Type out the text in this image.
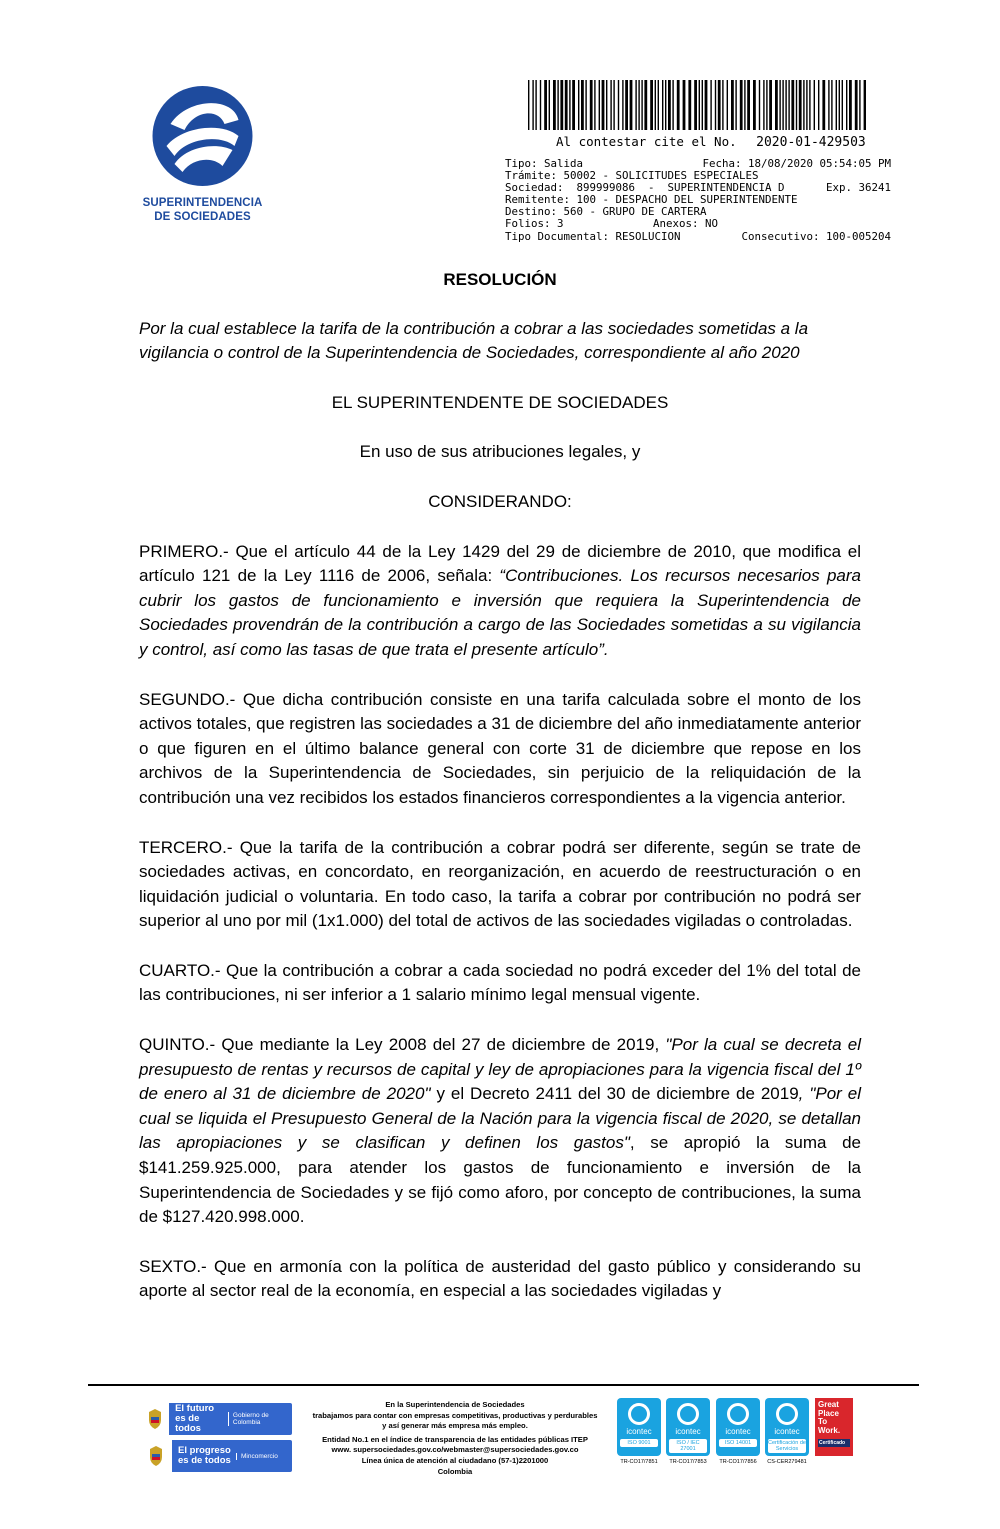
SUPERINTENDENCIA
DE SOCIEDADES
Al contestar cite el No. 2020-01-429503
Tipo: Salida	Fecha: 18/08/2020 05:54:05 PM
Trámite: 50002 - SOLICITUDES ESPECIALES
Sociedad:  899999086  -  SUPERINTENDENCIA D	Exp. 36241
Remitente: 100 - DESPACHO DEL SUPERINTENDENTE
Destino: 560 - GRUPO DE CARTERA
Folios: 3	Anexos: NO
Tipo Documental: RESOLUCION	Consecutivo: 100-005204
RESOLUCIÓN
Por la cual establece la tarifa de la contribución a cobrar a las sociedades sometidas a la vigilancia o control de la Superintendencia de Sociedades, correspondiente al año 2020
EL SUPERINTENDENTE DE SOCIEDADES
En uso de sus atribuciones legales, y
CONSIDERANDO:
PRIMERO.- Que el artículo 44 de la Ley 1429 del 29 de diciembre de 2010, que modifica el artículo 121 de la Ley 1116 de 2006, señala: “Contribuciones. Los recursos necesarios para cubrir los gastos de funcionamiento e inversión que requiera la Superintendencia de Sociedades provendrán de la contribución a cargo de las Sociedades sometidas a su vigilancia y control, así como las tasas de que trata el presente artículo”.
SEGUNDO.- Que dicha contribución consiste en una tarifa calculada sobre el monto de los activos totales, que registren las sociedades a 31 de diciembre del año inmediatamente anterior o que figuren en el último balance general con corte 31 de diciembre que repose en los archivos de la Superintendencia de Sociedades, sin perjuicio de la reliquidación de la contribución una vez recibidos los estados financieros correspondientes a la vigencia anterior.
TERCERO.- Que la tarifa de la contribución a cobrar podrá ser diferente, según se trate de sociedades activas, en concordato, en reorganización, en acuerdo de reestructuración o en liquidación judicial o voluntaria. En todo caso, la tarifa a cobrar por contribución no podrá ser superior al uno por mil (1x1.000) del total de activos de las sociedades vigiladas o controladas.
CUARTO.- Que la contribución a cobrar a cada sociedad no podrá exceder del 1% del total de las contribuciones, ni ser inferior a 1 salario mínimo legal mensual vigente.
QUINTO.- Que mediante la Ley 2008 del 27 de diciembre de 2019, "Por la cual se decreta el presupuesto de rentas y recursos de capital y ley de apropiaciones para la vigencia fiscal del 1º de enero al 31 de diciembre de 2020" y el Decreto 2411 del 30 de diciembre de 2019, "Por el cual se liquida el Presupuesto General de la Nación para la vigencia fiscal de 2020, se detallan las apropiaciones y se clasifican y definen los gastos", se apropió la suma de $141.259.925.000, para atender los gastos de funcionamiento e inversión de la Superintendencia de Sociedades y se fijó como aforo, por concepto de contribuciones, la suma de $127.420.998.000.
SEXTO.- Que en armonía con la política de austeridad del gasto público y considerando su aporte al sector real de la economía, en especial a las sociedades vigiladas y
El futuro es de todos
Gobierno de Colombia
El progreso es de todos	Mincomercio
En la Superintendencia de Sociedades
trabajamos para contar con empresas competitivas, productivas y perdurables
y así generar más empresa más empleo.
Entidad No.1 en el índice de transparencia de las entidades públicas ITEP
www. supersociedades.gov.co/webmaster@supersociedades.gov.co
Línea única de atención al ciudadano (57-1)2201000
Colombia
icontec
ISO 9001
icontec
ISO / IEC 27001
icontec
ISO 14001
icontec
Certificación de Servicios
TR-CO17/7851	TR-CO17/7853	TR-CO17/7856	CS-CER279481
Great Place To Work.
Certificado
